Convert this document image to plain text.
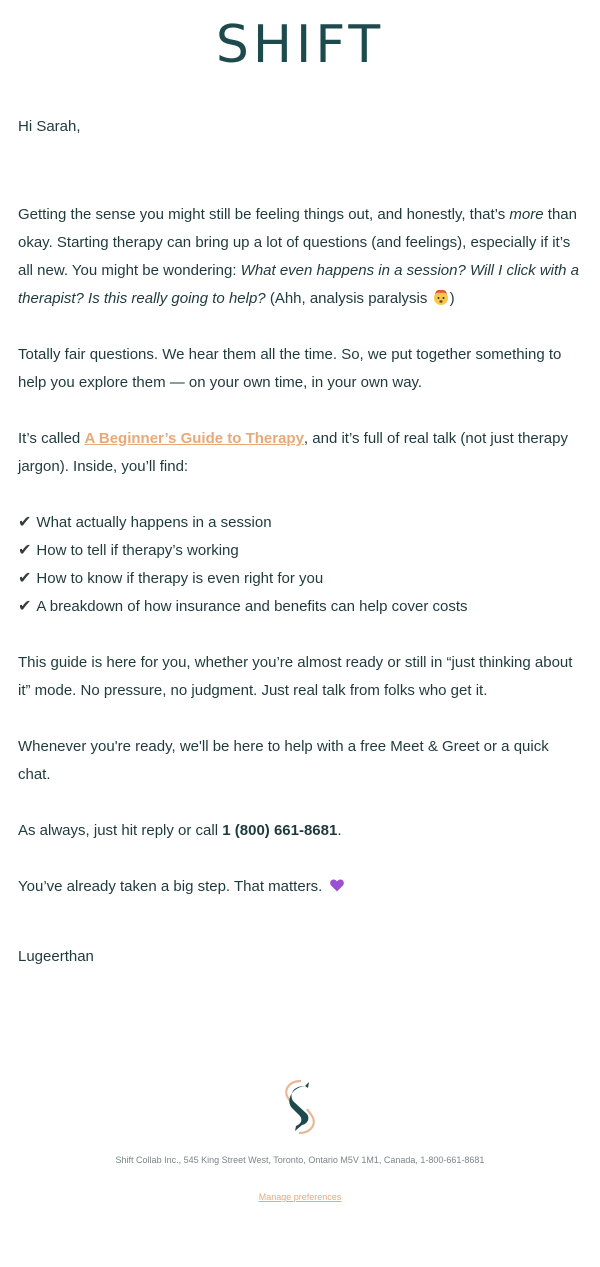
SHIFT

Hi Sarah,

Getting the sense you might still be feeling things out, and honestly, that’s more than okay. Starting therapy can bring up a lot of questions (and feelings), especially if it’s all new. You might be wondering: What even happens in a session? Will I click with a therapist? Is this really going to help? (Ahh, analysis paralysis )

Totally fair questions. We hear them all the time. So, we put together something to help you explore them — on your own time, in your own way.

It’s called A Beginner’s Guide to Therapy, and it’s full of real talk (not just therapy jargon). Inside, you’ll find:

✔ What actually happens in a session
✔ How to tell if therapy’s working
✔ How to know if therapy is even right for you
✔ A breakdown of how insurance and benefits can help cover costs

This guide is here for you, whether you’re almost ready or still in “just thinking about it” mode. No pressure, no judgment. Just real talk from folks who get it.

Whenever you're ready, we'll be here to help with a free Meet & Greet or a quick chat.

As always, just hit reply or call 1 (800) 661-8681.

You’ve already taken a big step. That matters.

Lugeerthan

Shift Collab Inc., 545 King Street West, Toronto, Ontario M5V 1M1, Canada, 1-800-661-8681
Manage preferences
